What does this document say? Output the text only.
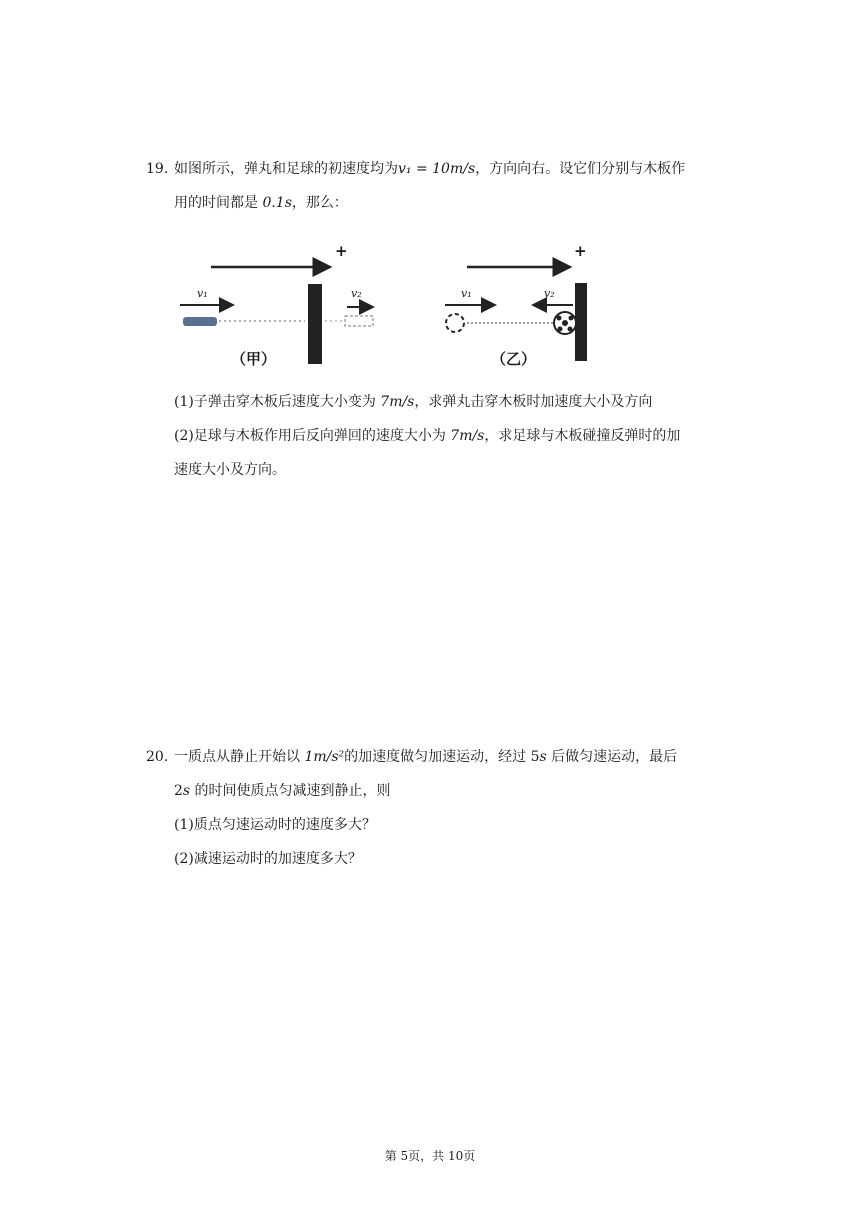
19. 如图所示，弹丸和足球的初速度均为v₁ = 10m/s，方向向右。设它们分别与木板作
用的时间都是 0.1s，那么：
+	+
v₁	v₂	v₁	v₂
（甲）	（乙）
(1)子弹击穿木板后速度大小变为 7m/s，求弹丸击穿木板时加速度大小及方向
(2)足球与木板作用后反向弹回的速度大小为 7m/s，求足球与木板碰撞反弹时的加
速度大小及方向。
20. 一质点从静止开始以 1m/s²的加速度做匀加速运动，经过 5s 后做匀速运动，最后
2s 的时间使质点匀减速到静止，则
(1)质点匀速运动时的速度多大？
(2)减速运动时的加速度多大？
第 5页，共 10页
